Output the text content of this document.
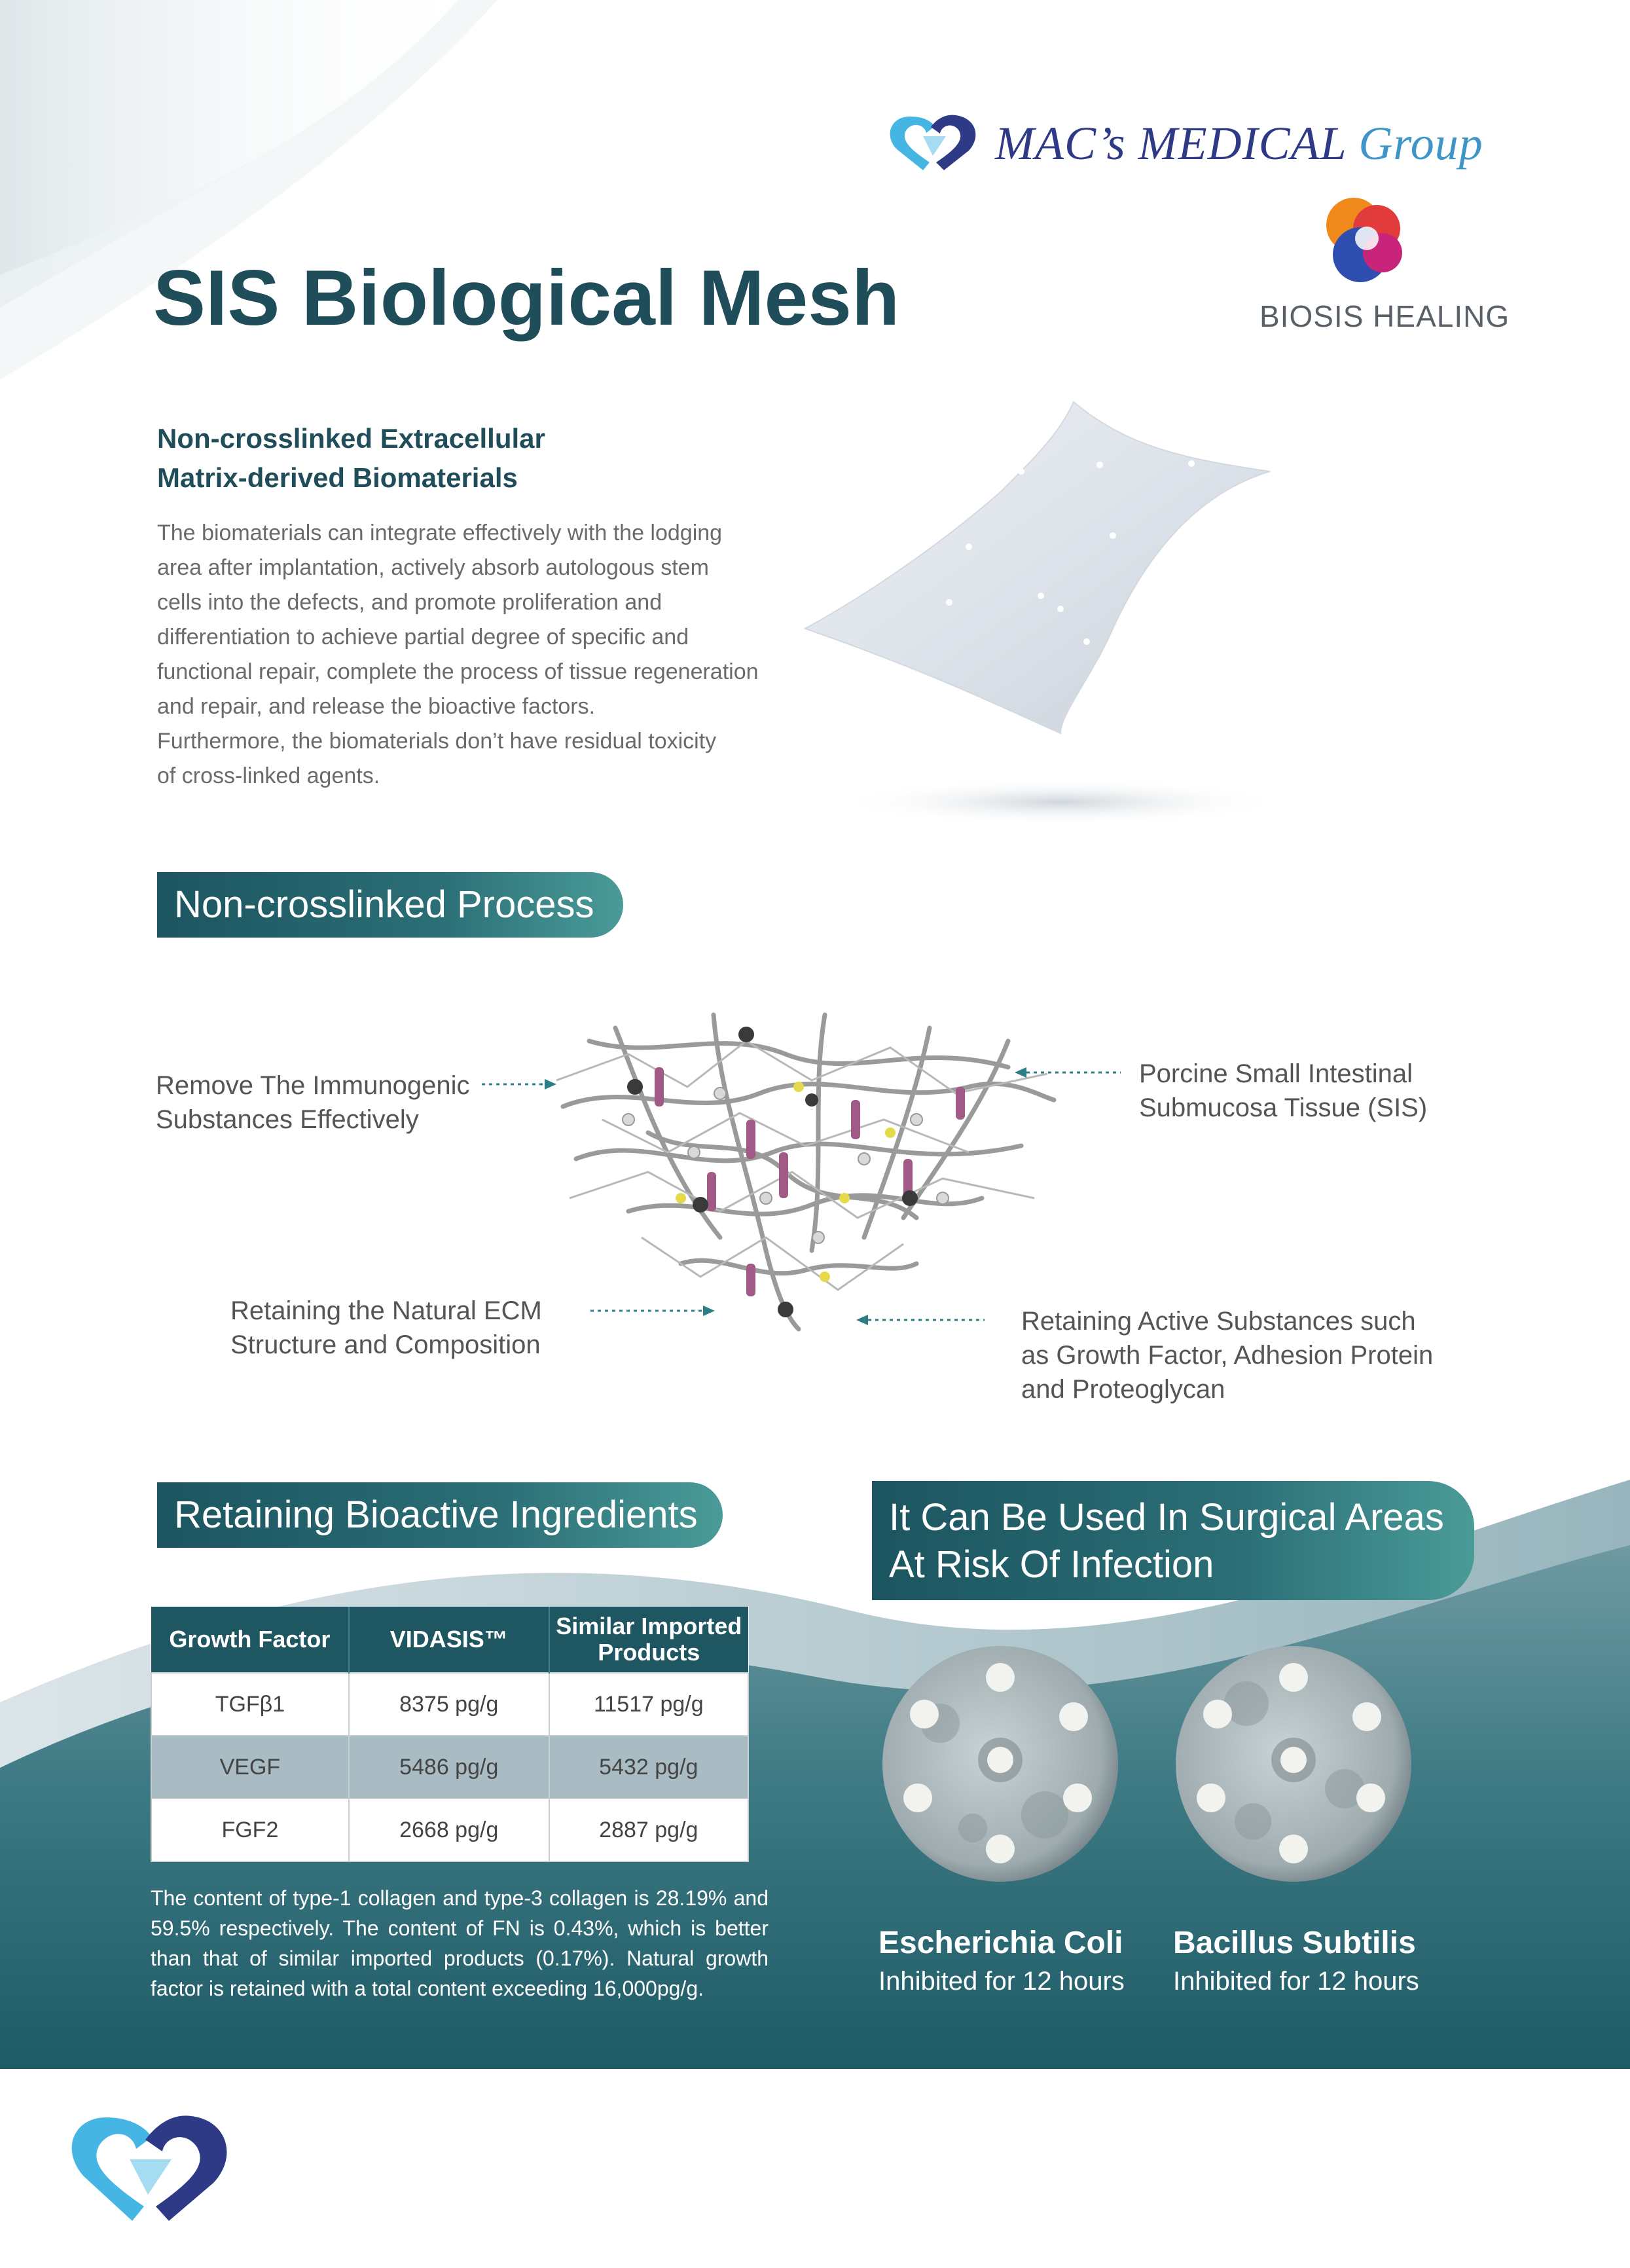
MAC’s MEDICAL Group
BIOSIS HEALING
SIS Biological Mesh
Non-crosslinked Extracellular
Matrix-derived Biomaterials
The biomaterials can integrate effectively with the lodging
area after implantation, actively absorb autologous stem
cells into the defects, and promote proliferation and
differentiation to achieve partial degree of specific and
functional repair, complete the process of tissue regeneration
and repair, and release the bioactive factors.
Furthermore, the biomaterials don’t have residual toxicity
of cross-linked agents.
Non-crosslinked Process
Remove The Immunogenic
Substances Effectively
Porcine Small Intestinal
Submucosa Tissue (SIS)
Retaining the Natural ECM
Structure and Composition
Retaining Active Substances such
as Growth Factor, Adhesion Protein
and Proteoglycan
Retaining Bioactive Ingredients
Growth Factor	VIDASIS™	Similar Imported Products
TGFβ1	8375 pg/g	11517 pg/g
VEGF	5486 pg/g	5432 pg/g
FGF2	2668 pg/g	2887 pg/g
The content of type-1 collagen and type-3 collagen is 28.19% and 59.5% respectively. The content of FN is 0.43%, which is better than that of similar imported products (0.17%). Natural growth factor is retained with a total content exceeding 16,000pg/g.
It Can Be Used In Surgical Areas
At Risk Of Infection
Escherichia Coli
Inhibited for 12 hours
Bacillus Subtilis
Inhibited for 12 hours
